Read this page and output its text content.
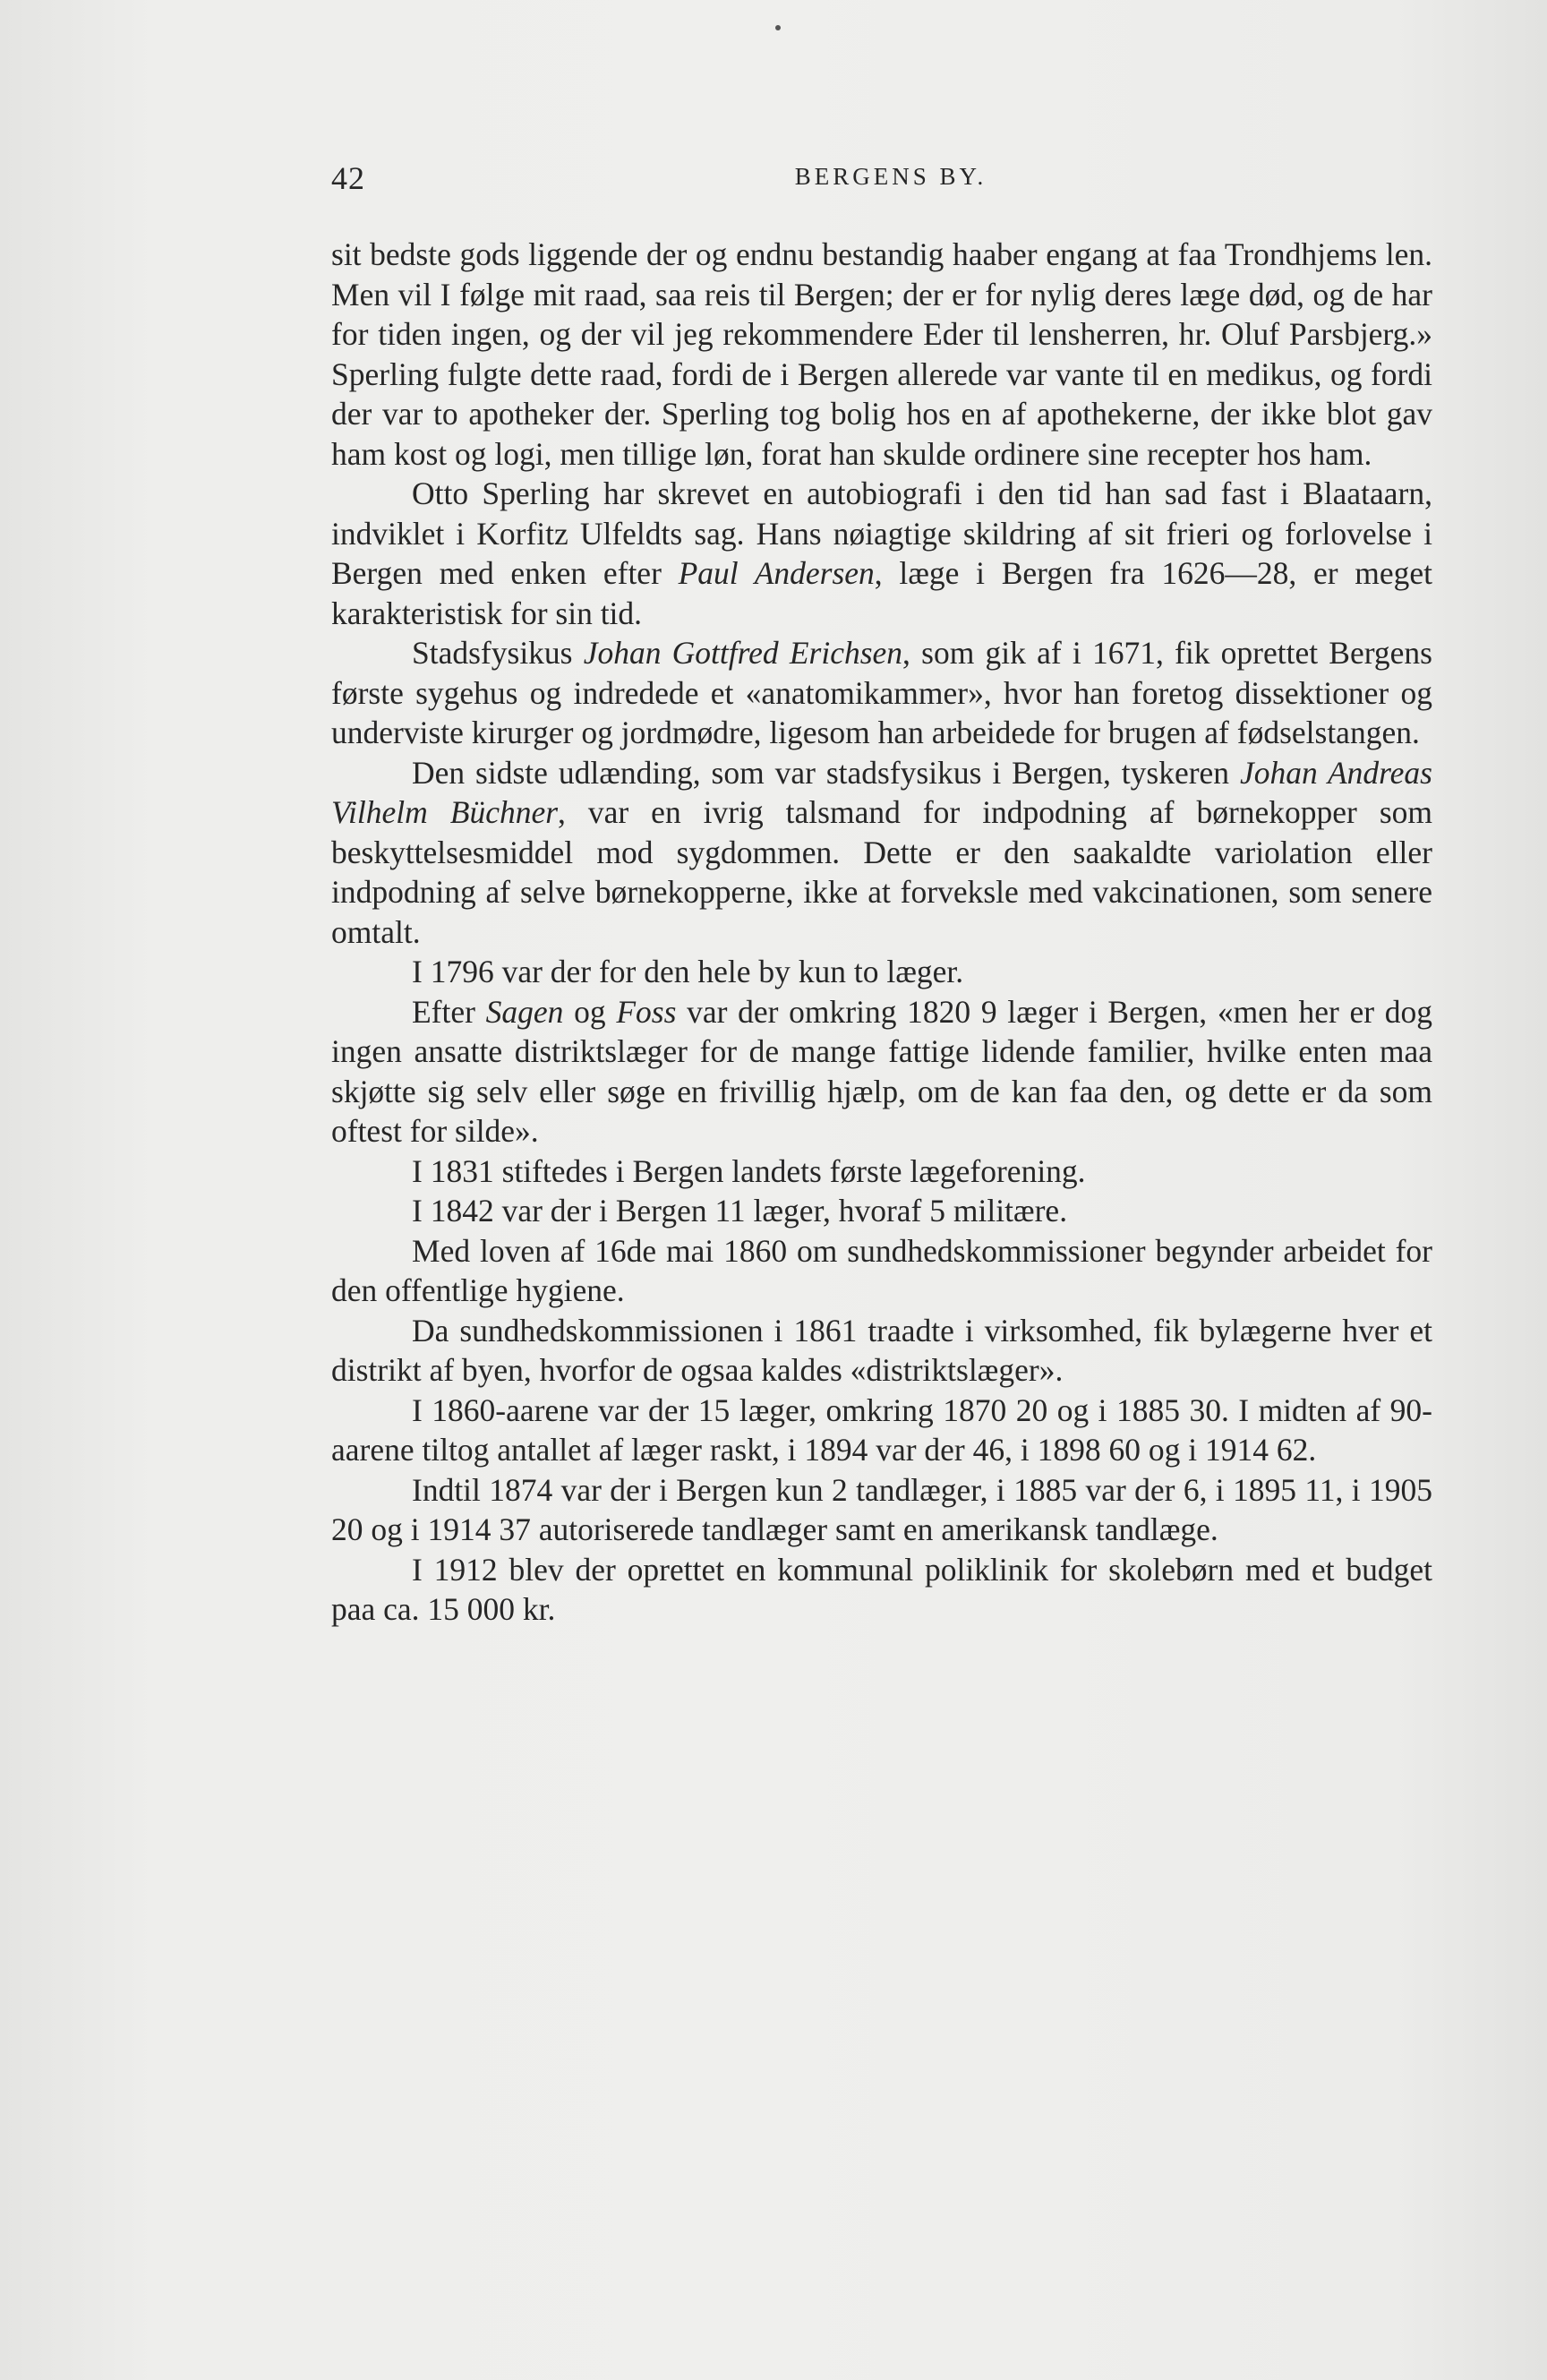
42	BERGENS BY.

sit bedste gods liggende der og endnu bestandig haaber engang at faa Trondhjems len. Men vil I følge mit raad, saa reis til Bergen; der er for nylig deres læge død, og de har for tiden ingen, og der vil jeg rekommendere Eder til lensherren, hr. Oluf Parsbjerg.» Sperling fulgte dette raad, fordi de i Bergen allerede var vante til en medikus, og fordi der var to apotheker der. Sperling tog bolig hos en af apothekerne, der ikke blot gav ham kost og logi, men tillige løn, forat han skulde ordinere sine recepter hos ham.

Otto Sperling har skrevet en autobiografi i den tid han sad fast i Blaataarn, indviklet i Korfitz Ulfeldts sag. Hans nøiagtige skildring af sit frieri og forlovelse i Bergen med enken efter Paul Andersen, læge i Bergen fra 1626—28, er meget karakteristisk for sin tid.

Stadsfysikus Johan Gottfred Erichsen, som gik af i 1671, fik oprettet Bergens første sygehus og indredede et «anatomikammer», hvor han foretog dissektioner og underviste kirurger og jordmødre, ligesom han arbeidede for brugen af fødselstangen.

Den sidste udlænding, som var stadsfysikus i Bergen, tyskeren Johan Andreas Vilhelm Büchner, var en ivrig talsmand for indpodning af børnekopper som beskyttelsesmiddel mod sygdommen. Dette er den saakaldte variolation eller indpodning af selve børnekopperne, ikke at forveksle med vakcinationen, som senere omtalt.

I 1796 var der for den hele by kun to læger.

Efter Sagen og Foss var der omkring 1820 9 læger i Bergen, «men her er dog ingen ansatte distriktslæger for de mange fattige lidende familier, hvilke enten maa skjøtte sig selv eller søge en frivillig hjælp, om de kan faa den, og dette er da som oftest for silde».

I 1831 stiftedes i Bergen landets første lægeforening.

I 1842 var der i Bergen 11 læger, hvoraf 5 militære.

Med loven af 16de mai 1860 om sundhedskommissioner begynder arbeidet for den offentlige hygiene.

Da sundhedskommissionen i 1861 traadte i virksomhed, fik bylægerne hver et distrikt af byen, hvorfor de ogsaa kaldes «distriktslæger».

I 1860-aarene var der 15 læger, omkring 1870 20 og i 1885 30. I midten af 90-aarene tiltog antallet af læger raskt, i 1894 var der 46, i 1898 60 og i 1914 62.

Indtil 1874 var der i Bergen kun 2 tandlæger, i 1885 var der 6, i 1895 11, i 1905 20 og i 1914 37 autoriserede tandlæger samt en amerikansk tandlæge.

I 1912 blev der oprettet en kommunal poliklinik for skolebørn med et budget paa ca. 15 000 kr.
